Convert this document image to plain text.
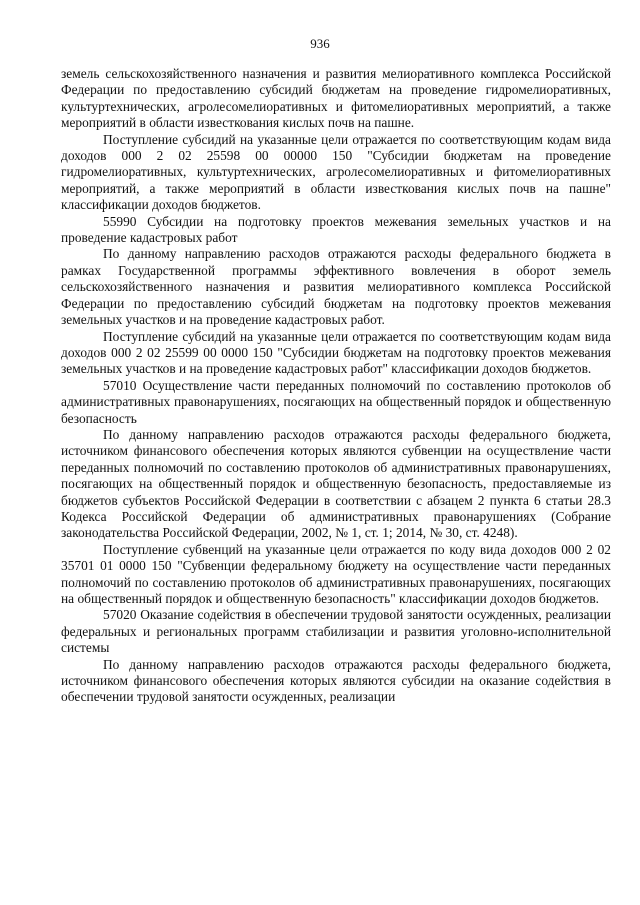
936

земель сельскохозяйственного назначения и развития мелиоративного комплекса Российской Федерации по предоставлению субсидий бюджетам на проведение гидромелиоративных, культуртехнических, агролесомелиоративных и фитомелиоративных мероприятий, а также мероприятий в области известкования кислых почв на пашне.

Поступление субсидий на указанные цели отражается по соответствующим кодам вида доходов 000 2 02 25598 00 00000 150 "Субсидии бюджетам на проведение гидромелиоративных, культуртехнических, агролесомелиоративных и фитомелиоративных мероприятий, а также мероприятий в области известкования кислых почв на пашне" классификации доходов бюджетов.

55990 Субсидии на подготовку проектов межевания земельных участков и на проведение кадастровых работ

По данному направлению расходов отражаются расходы федерального бюджета в рамках Государственной программы эффективного вовлечения в оборот земель сельскохозяйственного назначения и развития мелиоративного комплекса Российской Федерации по предоставлению субсидий бюджетам на подготовку проектов межевания земельных участков и на проведение кадастровых работ.

Поступление субсидий на указанные цели отражается по соответствующим кодам вида доходов 000 2 02 25599 00 0000 150 "Субсидии бюджетам на подготовку проектов межевания земельных участков и на проведение кадастровых работ" классификации доходов бюджетов.

57010 Осуществление части переданных полномочий по составлению протоколов об административных правонарушениях, посягающих на общественный порядок и общественную безопасность

По данному направлению расходов отражаются расходы федерального бюджета, источником финансового обеспечения которых являются субвенции на осуществление части переданных полномочий по составлению протоколов об административных правонарушениях, посягающих на общественный порядок и общественную безопасность, предоставляемые из бюджетов субъектов Российской Федерации в соответствии с абзацем 2 пункта 6 статьи 28.3 Кодекса Российской Федерации об административных правонарушениях (Собрание законодательства Российской Федерации, 2002, № 1, ст. 1; 2014, № 30, ст. 4248).

Поступление субвенций на указанные цели отражается по коду вида доходов 000 2 02 35701 01 0000 150 "Субвенции федеральному бюджету на осуществление части переданных полномочий по составлению протоколов об административных правонарушениях, посягающих на общественный порядок и общественную безопасность" классификации доходов бюджетов.

57020 Оказание содействия в обеспечении трудовой занятости осужденных, реализации федеральных и региональных программ стабилизации и развития уголовно-исполнительной системы

По данному направлению расходов отражаются расходы федерального бюджета, источником финансового обеспечения которых являются субсидии на оказание содействия в обеспечении трудовой занятости осужденных, реализации
